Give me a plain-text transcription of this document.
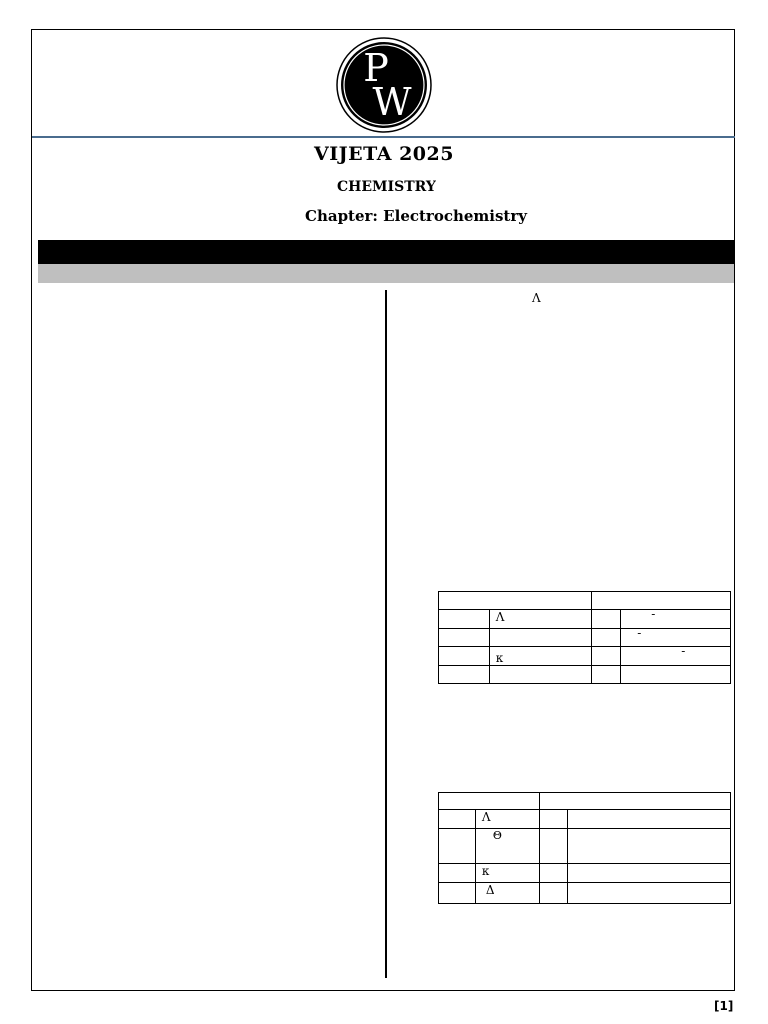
P
W
VIJETA 2025
CHEMISTRY
Chapter: Electrochemistry
Λ

	Λ		-
			-
	κ		-

	Λ		
	Θ		
	κ		
	Δ		
[1]
